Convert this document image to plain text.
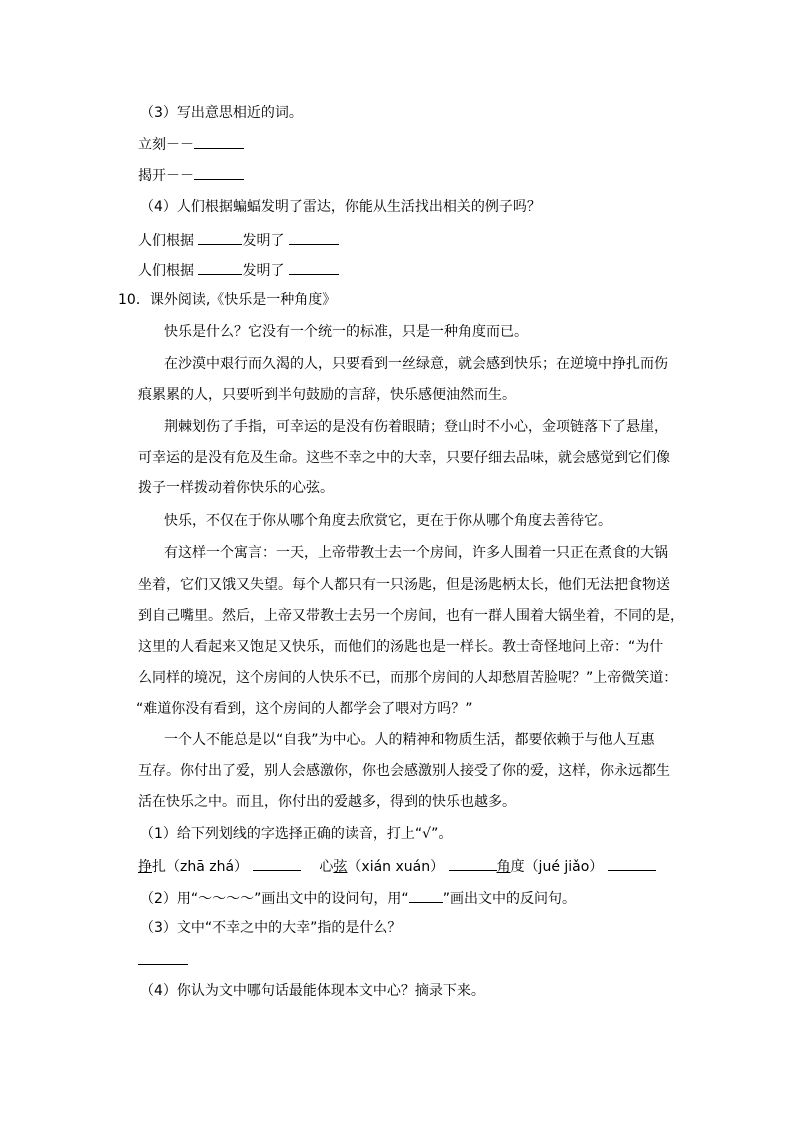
（3）写出意思相近的词。
立刻－－
揭开－－
（4）人们根据蝙蝠发明了雷达，你能从生活找出相关的例子吗？
人们根据	发明了
人们根据	发明了
10．课外阅读,《快乐是一种角度》
快乐是什么？它没有一个统一的标准，只是一种角度而已。
在沙漠中艰行而久渴的人，只要看到一丝绿意，就会感到快乐；在逆境中挣扎而伤
痕累累的人，只要听到半句鼓励的言辞，快乐感便油然而生。
荆棘划伤了手指，可幸运的是没有伤着眼睛；登山时不小心，金项链落下了悬崖，
可幸运的是没有危及生命。这些不幸之中的大幸，只要仔细去品味，就会感觉到它们像
拨子一样拨动着你快乐的心弦。
快乐，不仅在于你从哪个角度去欣赏它，更在于你从哪个角度去善待它。
有这样一个寓言：一天，上帝带教士去一个房间，许多人围着一只正在煮食的大锅
坐着，它们又饿又失望。每个人都只有一只汤匙，但是汤匙柄太长，他们无法把食物送
到自己嘴里。然后，上帝又带教士去另一个房间，也有一群人围着大锅坐着，不同的是，
这里的人看起来又饱足又快乐，而他们的汤匙也是一样长。教士奇怪地问上帝：“为什
么同样的境况，这个房间的人快乐不已，而那个房间的人却愁眉苦脸呢？”上帝微笑道：
“难道你没有看到，这个房间的人都学会了喂对方吗？”
一个人不能总是以“自我”为中心。人的精神和物质生活，都要依赖于与他人互惠
互存。你付出了爱，别人会感激你，你也会感激别人接受了你的爱，这样，你永远都生
活在快乐之中。而且，你付出的爱越多，得到的快乐也越多。
（1）给下列划线的字选择正确的读音，打上“√”。
挣扎（zhā zhá）	心弦（xián xuán）	角度（jué jiǎo）
（2）用“～～～～”画出文中的设问句，用“ ”画出文中的反问句。
（3）文中“不幸之中的大幸”指的是什么？
（4）你认为文中哪句话最能体现本文中心？摘录下来。
